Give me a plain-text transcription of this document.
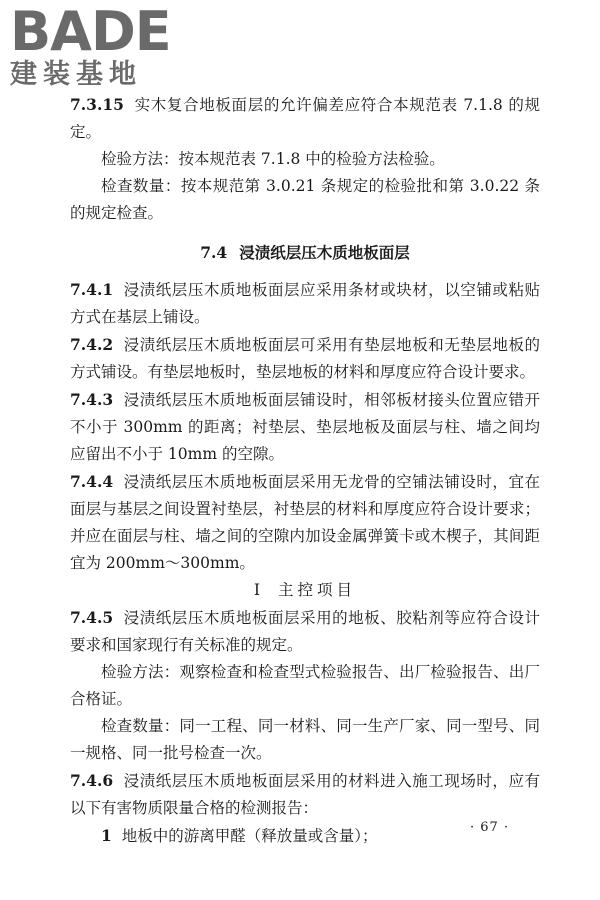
BADE
建装基地

7.3.15 实木复合地板面层的允许偏差应符合本规范表 7.1.8 的规定。

检验方法：按本规范表 7.1.8 中的检验方法检验。

检查数量：按本规范第 3.0.21 条规定的检验批和第 3.0.22 条的规定检查。

7.4 浸渍纸层压木质地板面层

7.4.1 浸渍纸层压木质地板面层应采用条材或块材，以空铺或粘贴方式在基层上铺设。

7.4.2 浸渍纸层压木质地板面层可采用有垫层地板和无垫层地板的方式铺设。有垫层地板时，垫层地板的材料和厚度应符合设计要求。

7.4.3 浸渍纸层压木质地板面层铺设时，相邻板材接头位置应错开不小于 300mm 的距离；衬垫层、垫层地板及面层与柱、墙之间均应留出不小于 10mm 的空隙。

7.4.4 浸渍纸层压木质地板面层采用无龙骨的空铺法铺设时，宜在面层与基层之间设置衬垫层，衬垫层的材料和厚度应符合设计要求；并应在面层与柱、墙之间的空隙内加设金属弹簧卡或木楔子，其间距宜为 200mm～300mm。

Ⅰ 主控项目

7.4.5 浸渍纸层压木质地板面层采用的地板、胶粘剂等应符合设计要求和国家现行有关标准的规定。

检验方法：观察检查和检查型式检验报告、出厂检验报告、出厂合格证。

检查数量：同一工程、同一材料、同一生产厂家、同一型号、同一规格、同一批号检查一次。

7.4.6 浸渍纸层压木质地板面层采用的材料进入施工现场时，应有以下有害物质限量合格的检测报告：

1 地板中的游离甲醛（释放量或含量）；	· 67 ·
